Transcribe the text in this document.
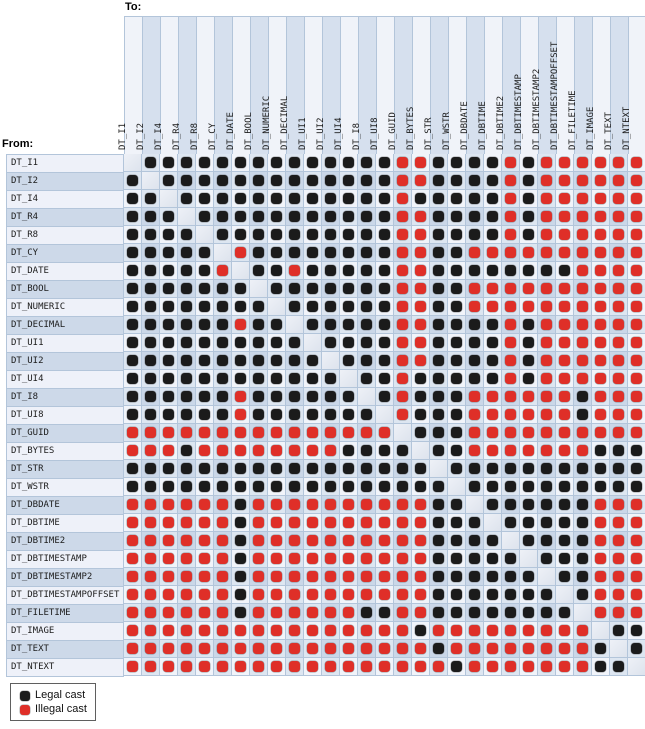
To:
From:	DT_I1 DT_I2 DT_I4 DT_R4 DT_R8 DT_CY DT_DATE DT_BOOL DT_NUMERIC DT_DECIMAL DT_UI1 DT_UI2 DT_UI4 DT_I8 DT_UI8 DT_GUID DT_BYTES DT_STR DT_WSTR DT_DBDATE DT_DBTIME DT_DBTIME2 DT_DBTIMESTAMP DT_DBTIMESTAMP2 DT_DBTIMESTAMPOFFSET DT_FILETIME DT_IMAGE DT_TEXT DT_NTEXT
DT_I1
DT_I2
DT_I4
DT_R4
DT_R8
DT_CY
DT_DATE
DT_BOOL
DT_NUMERIC
DT_DECIMAL
DT_UI1
DT_UI2
DT_UI4
DT_I8
DT_UI8
DT_GUID
DT_BYTES
DT_STR
DT_WSTR
DT_DBDATE
DT_DBTIME
DT_DBTIME2
DT_DBTIMESTAMP
DT_DBTIMESTAMP2
DT_DBTIMESTAMPOFFSET
DT_FILETIME
DT_IMAGE
DT_TEXT
DT_NTEXT
Legal cast
Illegal cast
